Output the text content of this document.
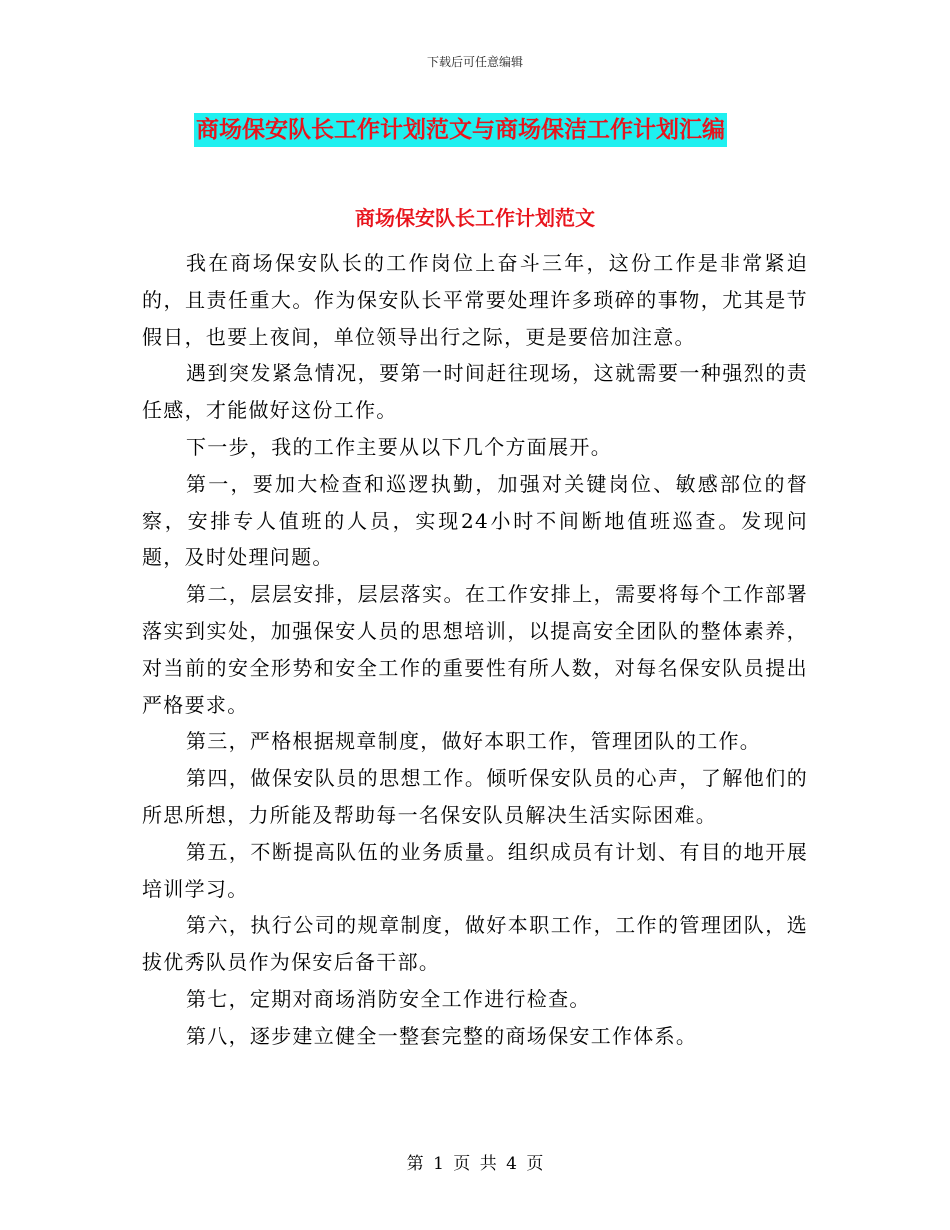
下载后可任意编辑
商场保安队长工作计划范文与商场保洁工作计划汇编
商场保安队长工作计划范文

我在商场保安队长的工作岗位上奋斗三年，这份工作是非常紧迫的，且责任重大。作为保安队长平常要处理许多琐碎的事物，尤其是节假日，也要上夜间，单位领导出行之际，更是要倍加注意。

遇到突发紧急情况，要第一时间赶往现场，这就需要一种强烈的责任感，才能做好这份工作。

下一步，我的工作主要从以下几个方面展开。

第一，要加大检查和巡逻执勤，加强对关键岗位、敏感部位的督察，安排专人值班的人员，实现24小时不间断地值班巡查。发现问题，及时处理问题。

第二，层层安排，层层落实。在工作安排上，需要将每个工作部署落实到实处，加强保安人员的思想培训，以提高安全团队的整体素养，对当前的安全形势和安全工作的重要性有所人数，对每名保安队员提出严格要求。

第三，严格根据规章制度，做好本职工作，管理团队的工作。

第四，做保安队员的思想工作。倾听保安队员的心声，了解他们的所思所想，力所能及帮助每一名保安队员解决生活实际困难。

第五，不断提高队伍的业务质量。组织成员有计划、有目的地开展培训学习。

第六，执行公司的规章制度，做好本职工作，工作的管理团队，选拔优秀队员作为保安后备干部。

第七，定期对商场消防安全工作进行检查。

第八，逐步建立健全一整套完整的商场保安工作体系。

第 1 页 共 4 页
